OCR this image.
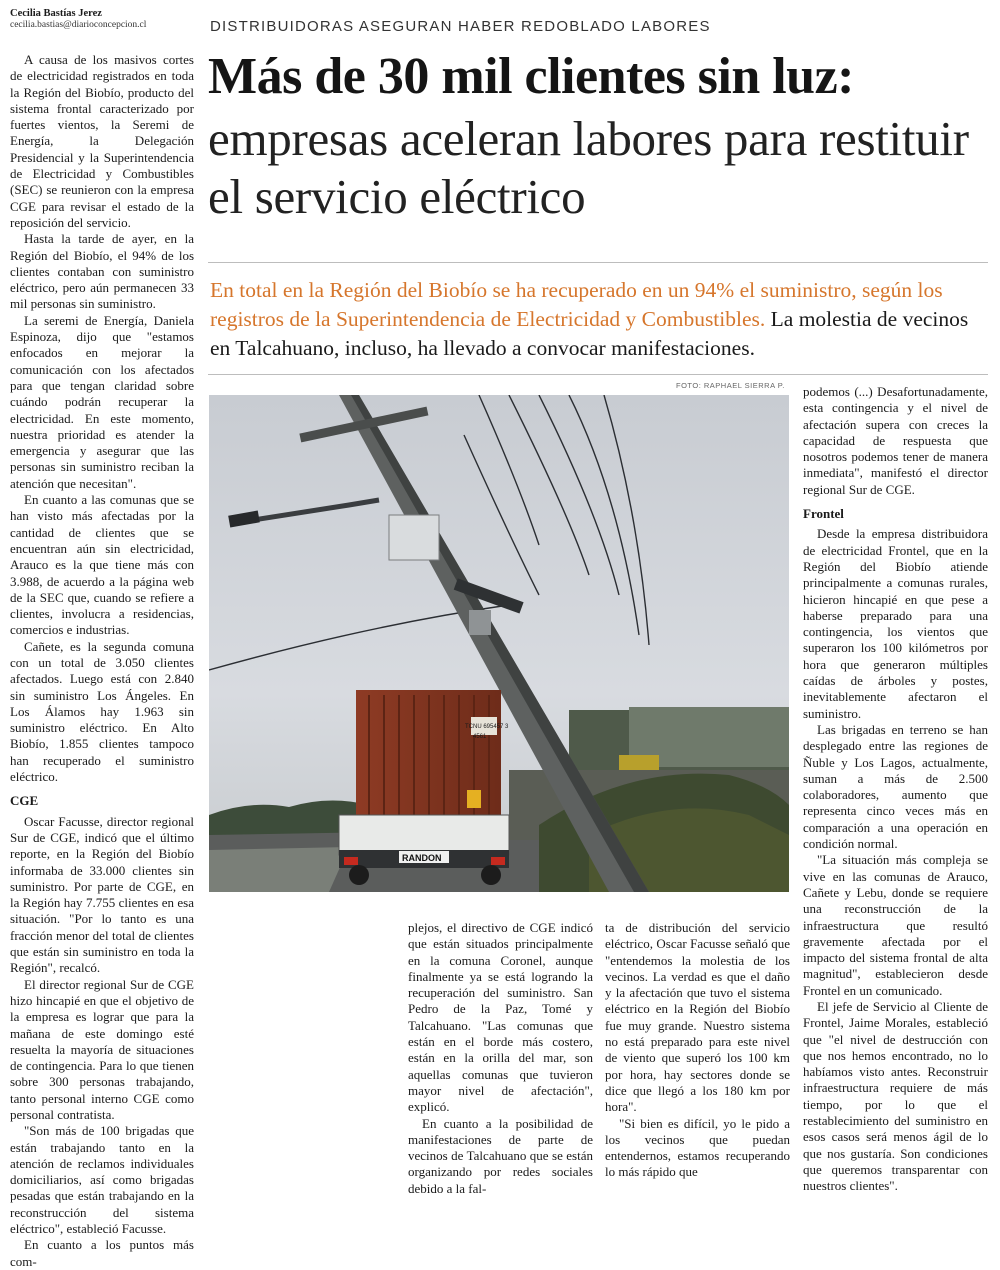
Cecilia Bastías Jerez
cecilia.bastias@diarioconcepcion.cl	DISTRIBUIDORAS ASEGURAN HABER REDOBLADO LABORES
Más de 30 mil clientes sin luz:
empresas aceleran labores para restituir el servicio eléctrico
En total en la Región del Biobío se ha recuperado en un 94% el suministro, según los registros de la Superintendencia de Electricidad y Combustibles. La molestia de vecinos en Talcahuano, incluso, ha llevado a convocar manifestaciones.
FOTO: RAPHAEL SIERRA P.
TCNU 695457 3
4561
RANDON

A causa de los masivos cortes de electricidad registrados en toda la Región del Biobío, producto del sistema frontal caracterizado por fuertes vientos, la Seremi de Energía, la Delegación Presidencial y la Superintendencia de Electricidad y Combustibles (SEC) se reunieron con la empresa CGE para revisar el estado de la reposición del servicio.

Hasta la tarde de ayer, en la Región del Biobío, el 94% de los clientes contaban con suministro eléctrico, pero aún permanecen 33 mil personas sin suministro.

La seremi de Energía, Daniela Espinoza, dijo que "estamos enfocados en mejorar la comunicación con los afectados para que tengan claridad sobre cuándo podrán recuperar la electricidad. En este momento, nuestra prioridad es atender la emergencia y asegurar que las personas sin suministro reciban la atención que necesitan".

En cuanto a las comunas que se han visto más afectadas por la cantidad de clientes que se encuentran aún sin electricidad, Arauco es la que tiene más con 3.988, de acuerdo a la página web de la SEC que, cuando se refiere a clientes, involucra a residencias, comercios e industrias.

Cañete, es la segunda comuna con un total de 3.050 clientes afectados. Luego está con 2.840 sin suministro Los Ángeles. En Los Álamos hay 1.963 sin suministro eléctrico. En Alto Biobío, 1.855 clientes tampoco han recuperado el suministro eléctrico.

CGE

Oscar Facusse, director regional Sur de CGE, indicó que el último reporte, en la Región del Biobío informaba de 33.000 clientes sin suministro. Por parte de CGE, en la Región hay 7.755 clientes en esa situación. "Por lo tanto es una fracción menor del total de clientes que están sin suministro en toda la Región", recalcó.

El director regional Sur de CGE hizo hincapié en que el objetivo de la empresa es lograr que para la mañana de este domingo esté resuelta la mayoría de situaciones de contingencia. Para lo que tienen sobre 300 personas trabajando, tanto personal interno CGE como personal contratista.

"Son más de 100 brigadas que están trabajando tanto en la atención de reclamos individuales domiciliarios, así como brigadas pesadas que están trabajando en la reconstrucción del sistema eléctrico", estableció Facusse.

En cuanto a los puntos más com-

plejos, el directivo de CGE indicó que están situados principalmente en la comuna Coronel, aunque finalmente ya se está logrando la recuperación del suministro. San Pedro de la Paz, Tomé y Talcahuano. "Las comunas que están en el borde más costero, están en la orilla del mar, son aquellas comunas que tuvieron mayor nivel de afectación", explicó.

En cuanto a la posibilidad de manifestaciones de parte de vecinos de Talcahuano que se están organizando por redes sociales debido a la fal-

ta de distribución del servicio eléctrico, Oscar Facusse señaló que "entendemos la molestia de los vecinos. La verdad es que el daño y la afectación que tuvo el sistema eléctrico en la Región del Biobío fue muy grande. Nuestro sistema no está preparado para este nivel de viento que superó los 100 km por hora, hay sectores donde se dice que llegó a los 180 km por hora".

"Si bien es difícil, yo le pido a los vecinos que puedan entendernos, estamos recuperando lo más rápido que

podemos (...) Desafortunadamente, esta contingencia y el nivel de afectación supera con creces la capacidad de respuesta que nosotros podemos tener de manera inmediata", manifestó el director regional Sur de CGE.

Frontel

Desde la empresa distribuidora de electricidad Frontel, que en la Región del Biobío atiende principalmente a comunas rurales, hicieron hincapié en que pese a haberse preparado para una contingencia, los vientos que superaron los 100 kilómetros por hora que generaron múltiples caídas de árboles y postes, inevitablemente afectaron el suministro.

Las brigadas en terreno se han desplegado entre las regiones de Ñuble y Los Lagos, actualmente, suman a más de 2.500 colaboradores, aumento que representa cinco veces más en comparación a una operación en condición normal.

"La situación más compleja se vive en las comunas de Arauco, Cañete y Lebu, donde se requiere una reconstrucción de la infraestructura que resultó gravemente afectada por el impacto del sistema frontal de alta magnitud", establecieron desde Frontel en un comunicado.

El jefe de Servicio al Cliente de Frontel, Jaime Morales, estableció que "el nivel de destrucción con que nos hemos encontrado, no lo habíamos visto antes. Reconstruir infraestructura requiere de más tiempo, por lo que el restablecimiento del suministro en esos casos será menos ágil de lo que nos gustaría. Son condiciones que queremos transparentar con nuestros clientes".
